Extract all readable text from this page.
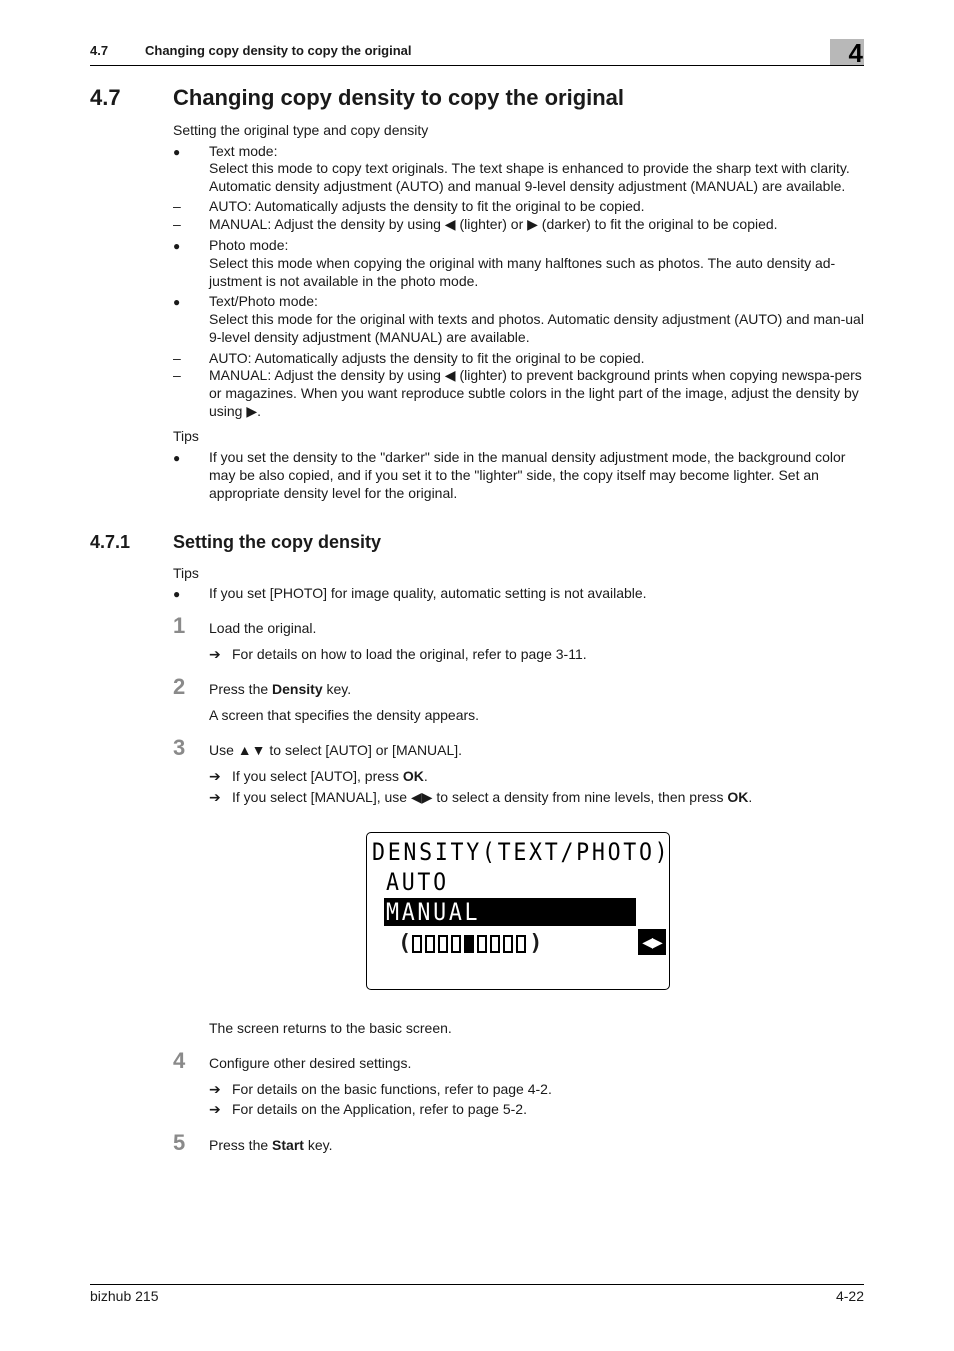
4.7	Changing copy density to copy the original	4
4.7 Changing copy density to copy the original
Setting the original type and copy density
● Text mode:
Select this mode to copy text originals. The text shape is enhanced to provide the sharp text with clarity. Automatic density adjustment (AUTO) and manual 9-level density adjustment (MANUAL) are available.
– AUTO: Automatically adjusts the density to fit the original to be copied.
– MANUAL: Adjust the density by using ◀ (lighter) or ▶ (darker) to fit the original to be copied.
● Photo mode:
Select this mode when copying the original with many halftones such as photos. The auto density ad-justment is not available in the photo mode.
● Text/Photo mode:
Select this mode for the original with texts and photos. Automatic density adjustment (AUTO) and man-ual 9-level density adjustment (MANUAL) are available.
– AUTO: Automatically adjusts the density to fit the original to be copied.
– MANUAL: Adjust the density by using ◀ (lighter) to prevent background prints when copying newspa-pers or magazines. When you want reproduce subtle colors in the light part of the image, adjust the density by using ▶.
Tips
● If you set the density to the "darker" side in the manual density adjustment mode, the background color may be also copied, and if you set it to the "lighter" side, the copy itself may become lighter. Set an appropriate density level for the original.
4.7.1 Setting the copy density
Tips
● If you set [PHOTO] for image quality, automatic setting is not available.
1 Load the original.
➔ For details on how to load the original, refer to page 3-11.
2 Press the Density key.
A screen that specifies the density appears.
3 Use ▲▼ to select [AUTO] or [MANUAL].
➔ If you select [AUTO], press OK.
➔ If you select [MANUAL], use ◀▶ to select a density from nine levels, then press OK.
DENSITY(TEXT/PHOTO)
AUTO
MANUAL
(	)	◀▶
The screen returns to the basic screen.
4 Configure other desired settings.
➔ For details on the basic functions, refer to page 4-2.
➔ For details on the Application, refer to page 5-2.
5 Press the Start key.
bizhub 215	4-22
